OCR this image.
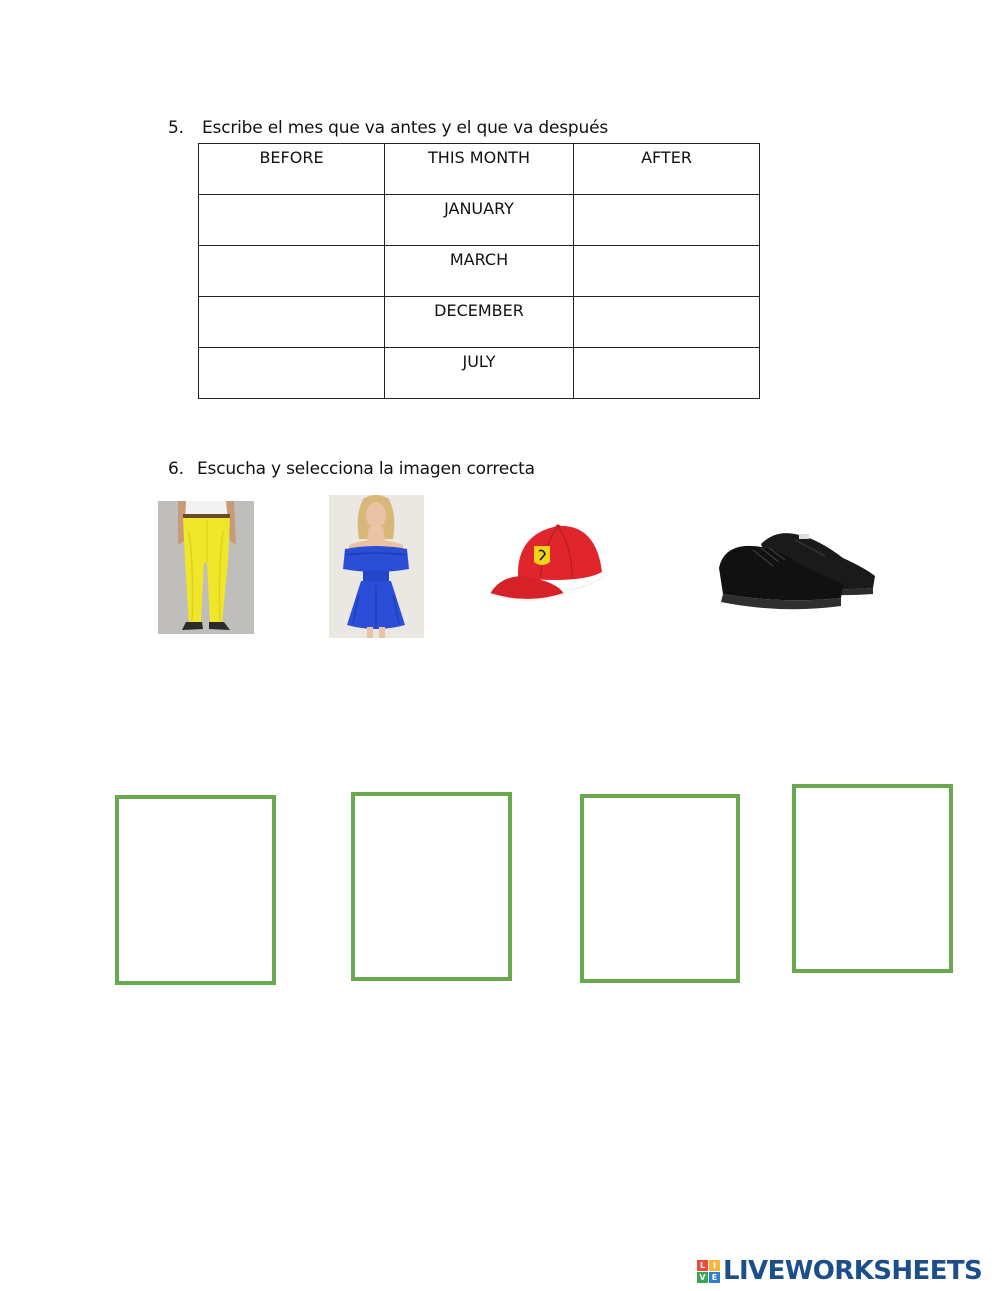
5. Escribe el mes que va antes y el que va después
BEFORE	THIS MONTH	AFTER
	JANUARY	
	MARCH	
	DECEMBER	
	JULY	
6. Escucha y selecciona la imagen correcta
L I
V E LIVEWORKSHEETS
